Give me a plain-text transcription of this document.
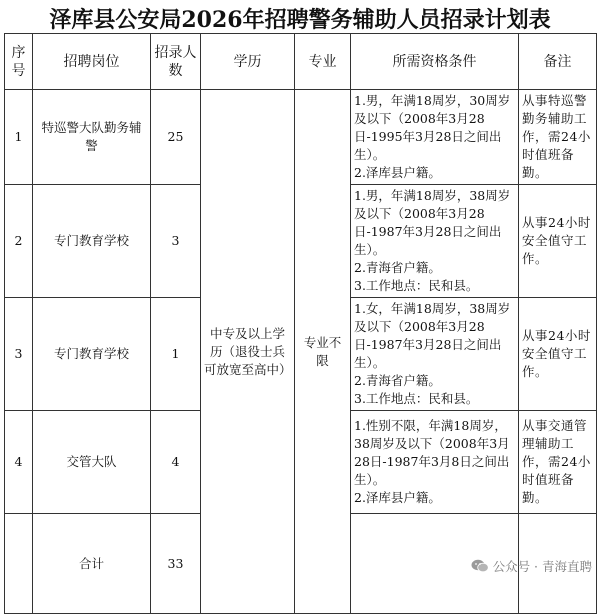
泽库县公安局2026年招聘警务辅助人员招录计划表
序号	招聘岗位	招录人数	学历	专业	所需资格条件	备注
1	特巡警大队勤务辅警	25	中专及以上学历（退役士兵可放宽至高中）	专业不限	1.男，年满18周岁，30周岁及以下（2008年3月28日-1995年3月28日之间出生）。
2.泽库县户籍。	从事特巡警勤务辅助工作，需24小时值班备勤。
2	专门教育学校	3			1.男，年满18周岁，38周岁及以下（2008年3月28日-1987年3月28日之间出生）。
2.青海省户籍。
3.工作地点：民和县。	从事24小时安全值守工作。
3	专门教育学校	1			1.女，年满18周岁，38周岁及以下（2008年3月28日-1987年3月28日之间出生）。
2.青海省户籍。
3.工作地点：民和县。	从事24小时安全值守工作。
4	交管大队	4			1.性别不限，年满18周岁，38周岁及以下（2008年3月28日-1987年3月8日之间出生）。
2.泽库县户籍。	从事交通管理辅助工作，需24小时值班备勤。
	合计	33					公众号 · 青海直聘
